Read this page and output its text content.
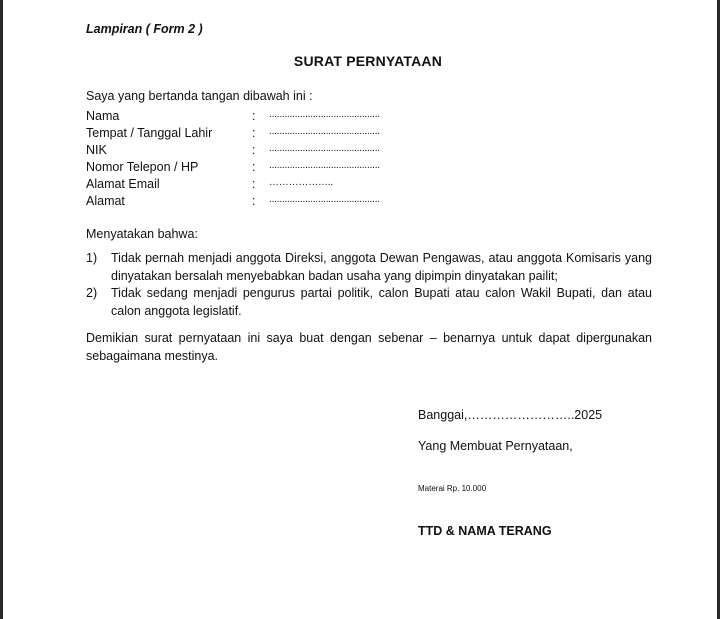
Lampiran ( Form 2 )
SURAT PERNYATAAN
Saya yang bertanda tangan dibawah ini :
Nama	: ...........................................
Tempat / Tanggal Lahir	: ...........................................
NIK	: ...........................................
Nomor Telepon / HP	: ...........................................
Alamat Email	: ………………..
Alamat	: ...........................................
Menyatakan bahwa:
1) Tidak pernah menjadi anggota Direksi, anggota Dewan Pengawas, atau anggota Komisaris yang dinyatakan bersalah menyebabkan badan usaha yang dipimpin dinyatakan pailit;
2) Tidak sedang menjadi pengurus partai politik, calon Bupati atau calon Wakil Bupati, dan atau calon anggota legislatif.
Demikian surat pernyataan ini saya buat dengan sebenar – benarnya untuk dapat dipergunakan sebagaimana mestinya.
Banggai,……………………..2025
Yang Membuat Pernyataan,
Materai Rp. 10.000
TTD & NAMA TERANG
